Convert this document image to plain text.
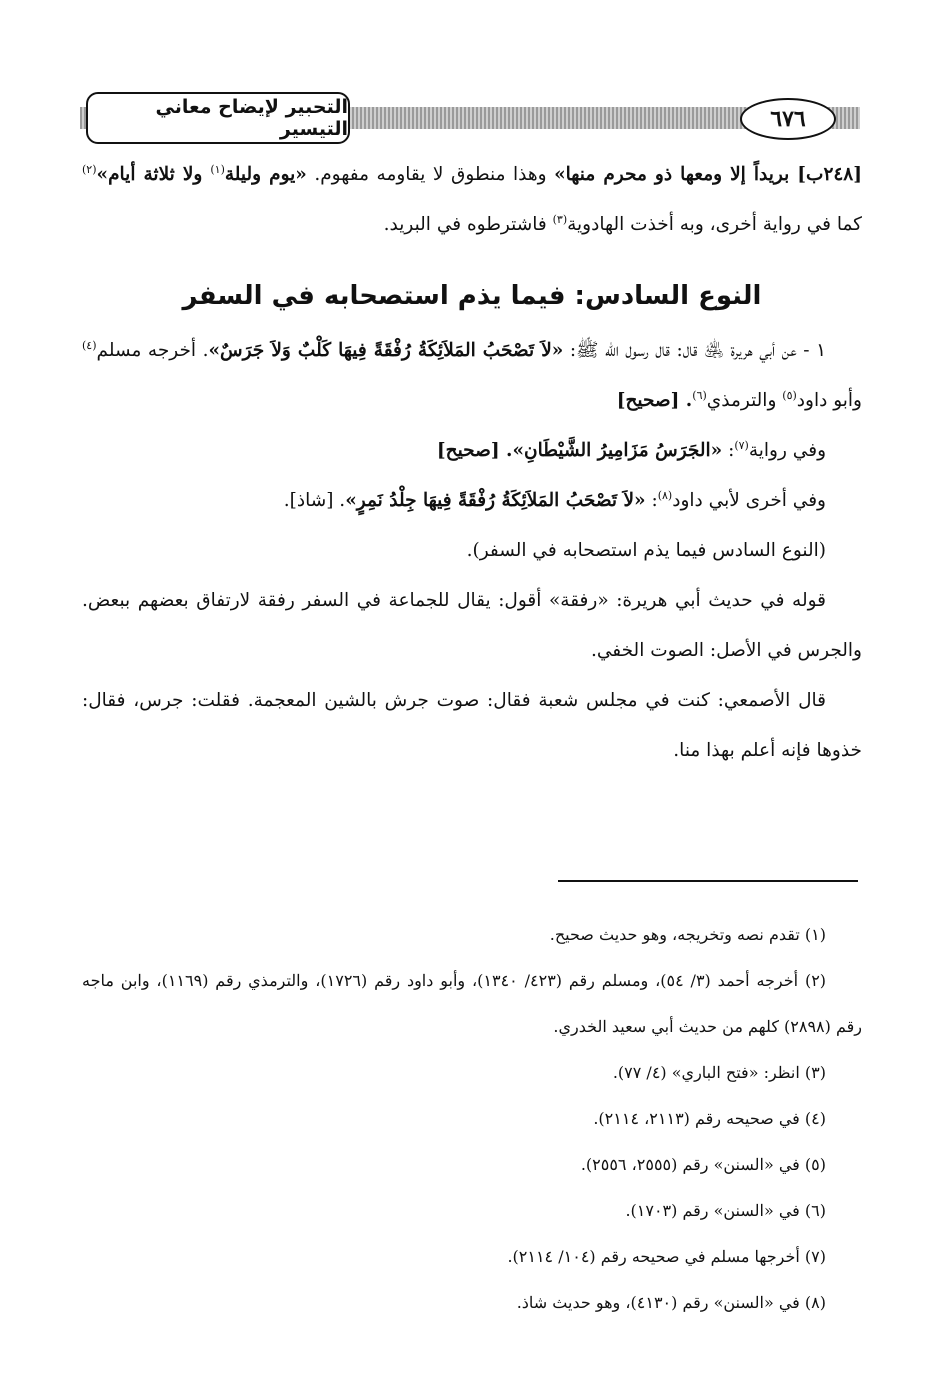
٦٧٦
التحبير لإيضاح معاني التيسير

[٢٤٨ب] بريداً إلا ومعها ذو محرم منها» وهذا منطوق لا يقاومه مفهوم. «يوم وليلة$^{(١)}$ ولا ثلاثة أيام»$^{(٢)}$ كما في رواية أخرى، وبه أخذت الهادوية$^{(٣)}$ فاشترطوه في البريد.

النوع السادس: فيما يذم استصحابه في السفر

١ - عن أبي هريرة ﵁ قال: قال رسول الله ﷺ: «لاَ تَصْحَبُ المَلاَئِكَةُ رُفْقَةً فِيهَا كَلْبٌ وَلاَ جَرَسٌ». أخرجه مسلم$^{(٤)}$ وأبو داود$^{(٥)}$ والترمذي$^{(٦)}$. [صحيح]

وفي رواية$^{(٧)}$: «الجَرَسُ مَزَامِيرُ الشَّيْطَانِ». [صحيح]

وفي أخرى لأبي داود$^{(٨)}$: «لاَ تَصْحَبُ المَلاَئِكَةُ رُفْقَةً فِيهَا جِلْدُ نَمِرٍ». [شاذ].

(النوع السادس فيما يذم استصحابه في السفر).

قوله في حديث أبي هريرة: «رفقة» أقول: يقال للجماعة في السفر رفقة لارتفاق بعضهم ببعض. والجرس في الأصل: الصوت الخفي.

قال الأصمعي: كنت في مجلس شعبة فقال: صوت جرش بالشين المعجمة. فقلت: جرس، فقال: خذوها فإنه أعلم بهذا منا.

(١) تقدم نصه وتخريجه، وهو حديث صحيح.

(٢) أخرجه أحمد (٣/ ٥٤)، ومسلم رقم (٤٢٣/ ١٣٤٠)، وأبو داود رقم (١٧٢٦)، والترمذي رقم (١١٦٩)، وابن ماجه رقم (٢٨٩٨) كلهم من حديث أبي سعيد الخدري.

(٣) انظر: «فتح الباري» (٤/ ٧٧).

(٤) في صحيحه رقم (٢١١٣، ٢١١٤).

(٥) في «السنن» رقم (٢٥٥٥، ٢٥٥٦).

(٦) في «السنن» رقم (١٧٠٣).

(٧) أخرجها مسلم في صحيحه رقم (١٠٤/ ٢١١٤).

(٨) في «السنن» رقم (٤١٣٠)، وهو حديث شاذ.
